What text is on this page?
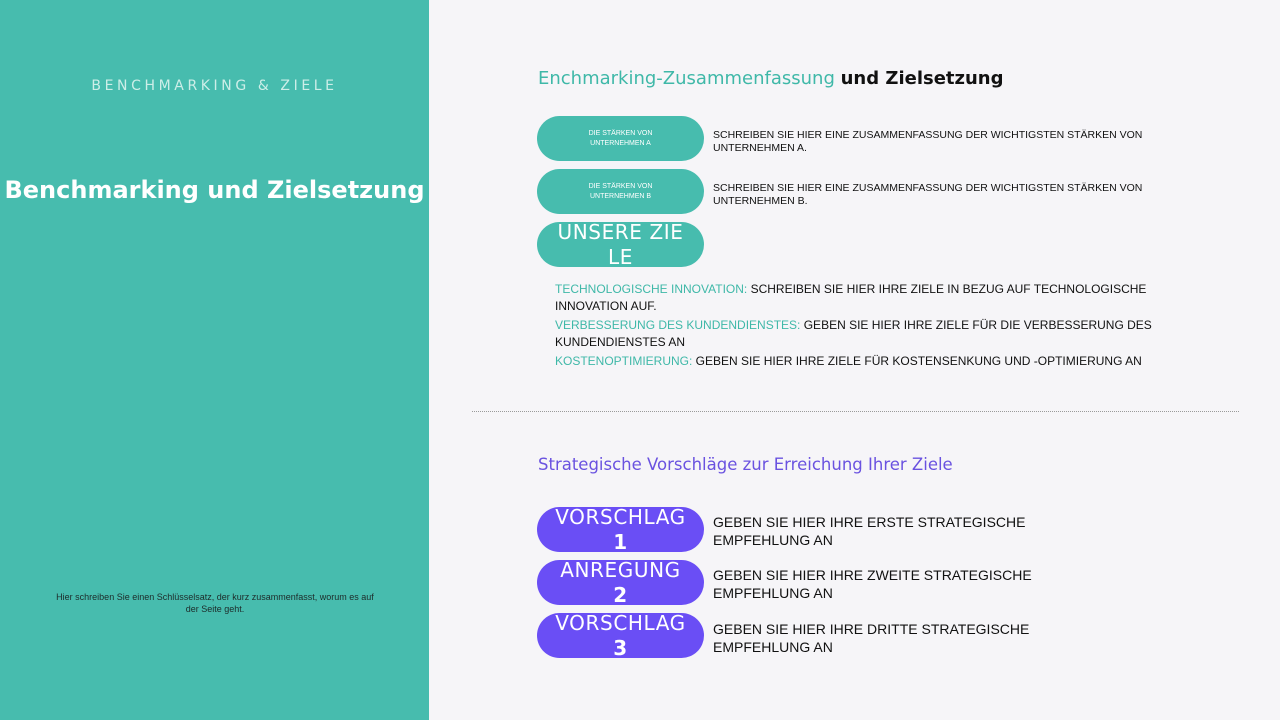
BENCHMARKING & ZIELE
Benchmarking und Zielsetzung
Hier schreiben Sie einen Schlüsselsatz, der kurz zusammenfasst, worum es auf der Seite geht.
Enchmarking-Zusammenfassung und Zielsetzung
DIE STÄRKEN VON UNTERNEHMEN A
SCHREIBEN SIE HIER EINE ZUSAMMENFASSUNG DER WICHTIGSTEN STÄRKEN VON UNTERNEHMEN A.
DIE STÄRKEN VON UNTERNEHMEN B
SCHREIBEN SIE HIER EINE ZUSAMMENFASSUNG DER WICHTIGSTEN STÄRKEN VON UNTERNEHMEN B.
UNSERE ZIELE
TECHNOLOGISCHE INNOVATION: SCHREIBEN SIE HIER IHRE ZIELE IN BEZUG AUF TECHNOLOGISCHE INNOVATION AUF.
VERBESSERUNG DES KUNDENDIENSTES: GEBEN SIE HIER IHRE ZIELE FÜR DIE VERBESSERUNG DES KUNDENDIENSTES AN
KOSTENOPTIMIERUNG: GEBEN SIE HIER IHRE ZIELE FÜR KOSTENSENKUNG UND -OPTIMIERUNG AN
Strategische Vorschläge zur Erreichung Ihrer Ziele
VORSCHLAG 1
GEBEN SIE HIER IHRE ERSTE STRATEGISCHE EMPFEHLUNG AN
ANREGUNG 2
GEBEN SIE HIER IHRE ZWEITE STRATEGISCHE EMPFEHLUNG AN
VORSCHLAG 3
GEBEN SIE HIER IHRE DRITTE STRATEGISCHE EMPFEHLUNG AN
